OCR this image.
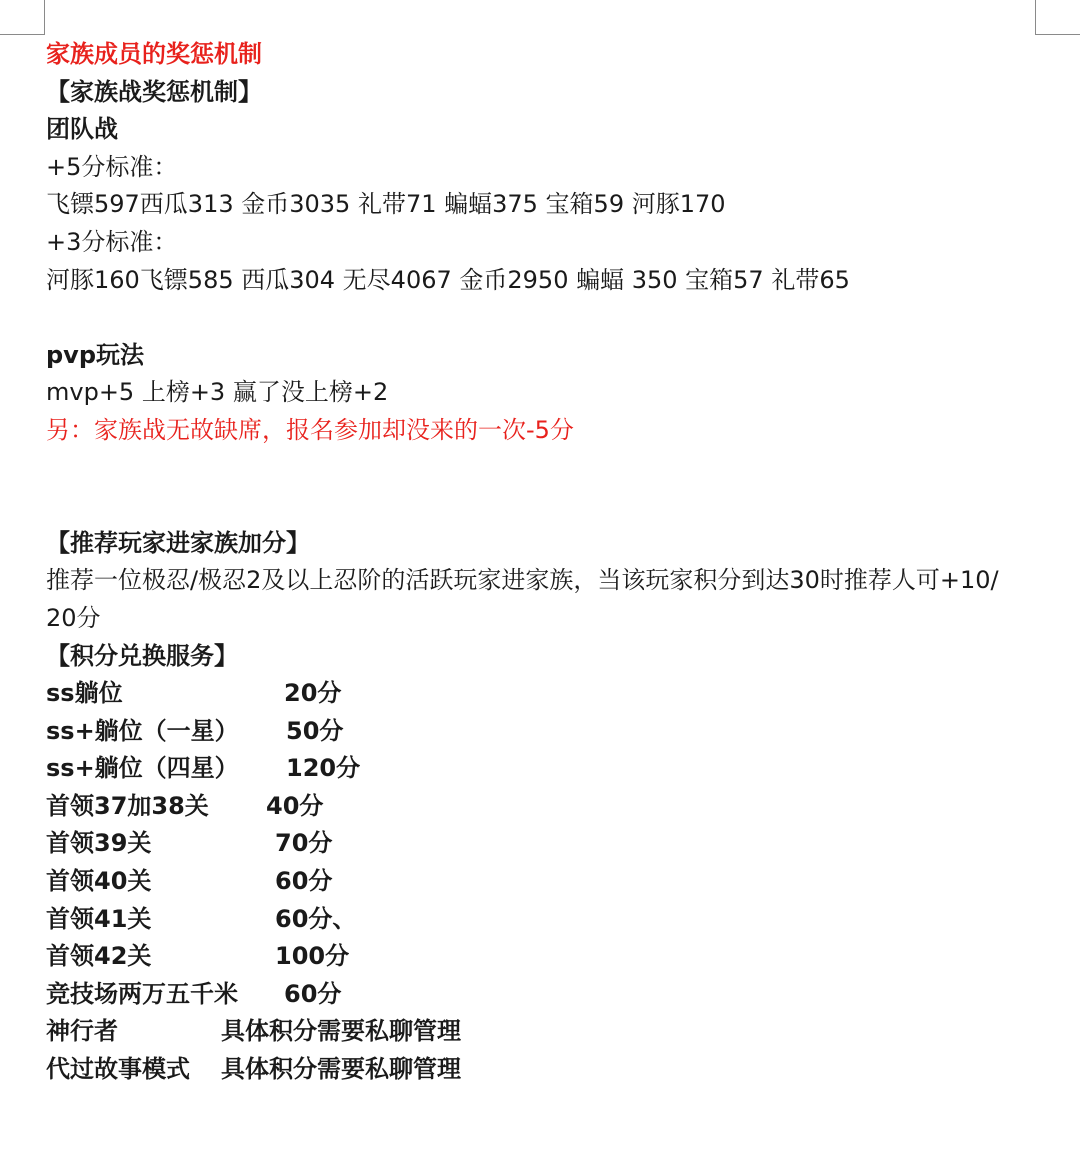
家族成员的奖惩机制
【家族战奖惩机制】
团队战
+5分标准：
飞镖597西瓜313 金币3035 礼带71 蝙蝠375 宝箱59 河豚170
+3分标准：
河豚160飞镖585 西瓜304 无尽4067 金币2950 蝙蝠 350 宝箱57 礼带65
pvp玩法
mvp+5 上榜+3 赢了没上榜+2
另：家族战无故缺席，报名参加却没来的一次-5分
【推荐玩家进家族加分】
推荐一位极忍/极忍2及以上忍阶的活跃玩家进家族，当该玩家积分到达30时推荐人可+10/
20分
【积分兑换服务】
ss躺位	20分
ss+躺位（一星）	50分
ss+躺位（四星）	120分
首领37加38关	40分
首领39关	70分
首领40关	60分
首领41关	60分、
首领42关	100分
竞技场两万五千米	60分
神行者	具体积分需要私聊管理
代过故事模式	具体积分需要私聊管理
